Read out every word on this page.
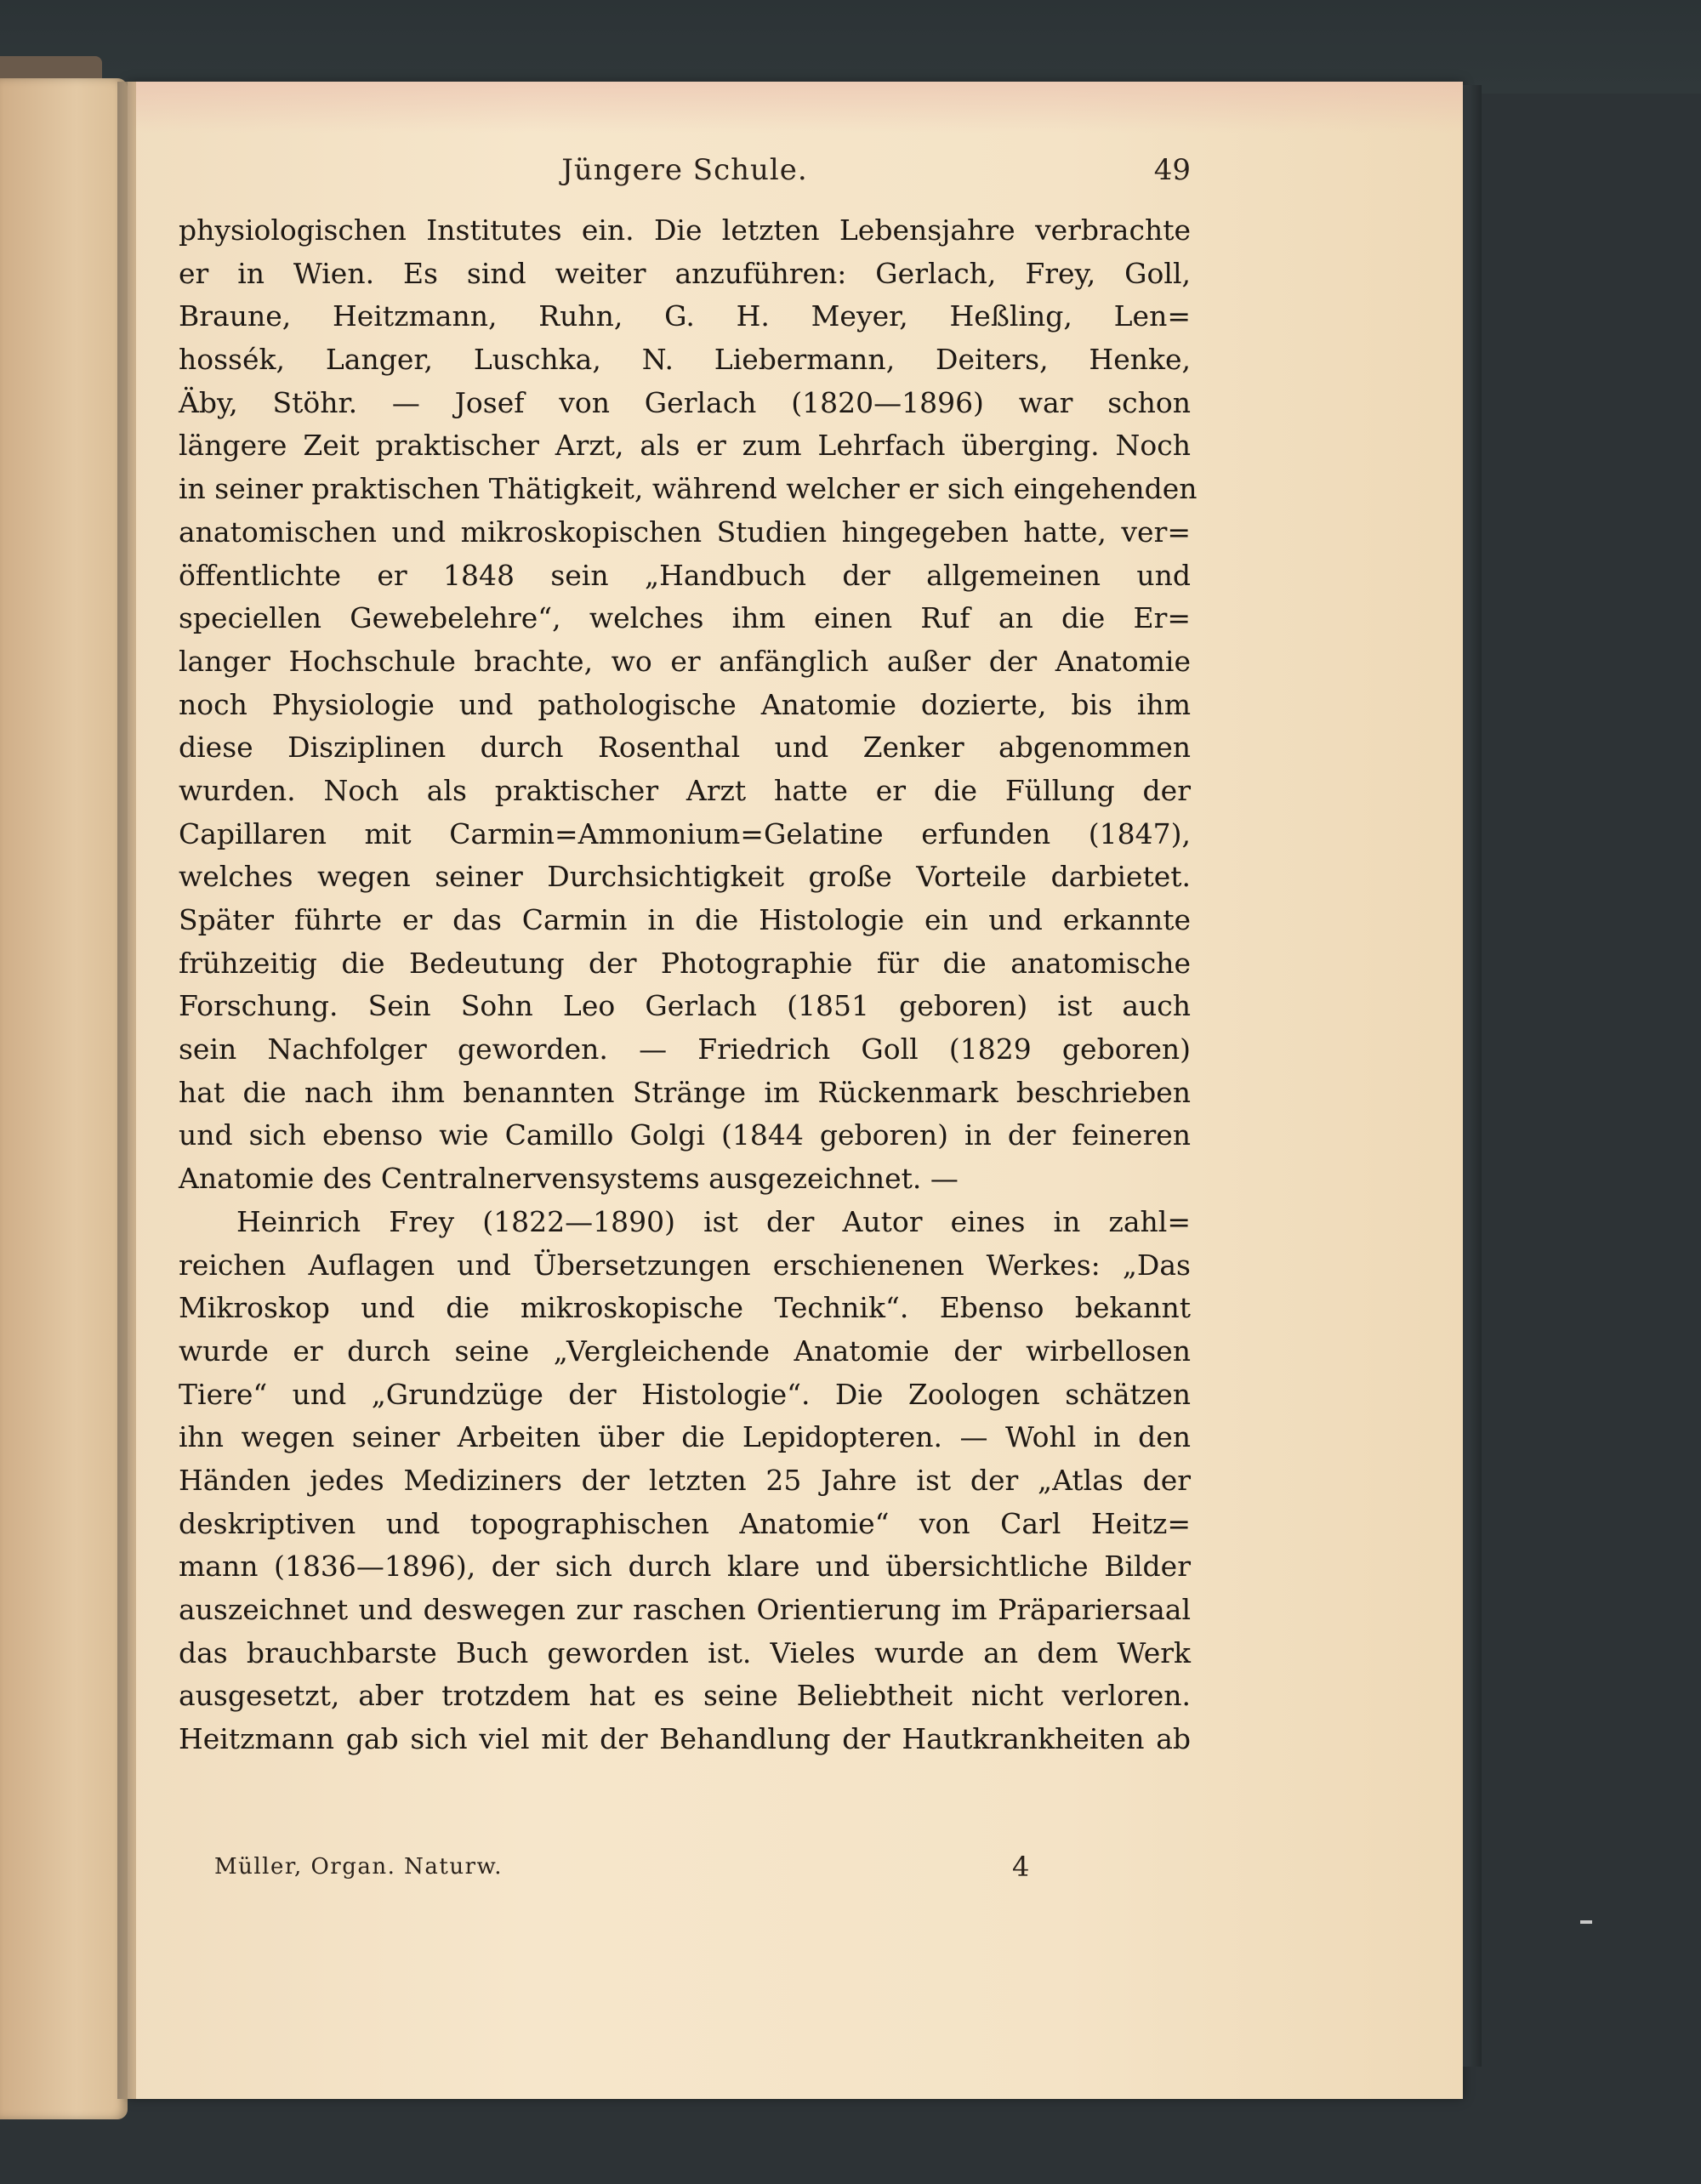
Jüngere Schule.	49
physiologischen Institutes ein. Die letzten Lebensjahre verbrachte
er in Wien. Es sind weiter anzuführen: Gerlach, Frey, Goll,
Braune, Heitzmann, Ruhn, G. H. Meyer, Heßling, Len=
hossék, Langer, Luschka, N. Liebermann, Deiters, Henke,
Äby, Stöhr. — Josef von Gerlach (1820—1896) war schon
längere Zeit praktischer Arzt, als er zum Lehrfach überging. Noch
in seiner praktischen Thätigkeit, während welcher er sich eingehenden
anatomischen und mikroskopischen Studien hingegeben hatte, ver=
öffentlichte er 1848 sein „Handbuch der allgemeinen und
speciellen Gewebelehre“, welches ihm einen Ruf an die Er=
langer Hochschule brachte, wo er anfänglich außer der Anatomie
noch Physiologie und pathologische Anatomie dozierte, bis ihm
diese Disziplinen durch Rosenthal und Zenker abgenommen
wurden. Noch als praktischer Arzt hatte er die Füllung der
Capillaren mit Carmin=Ammonium=Gelatine erfunden (1847),
welches wegen seiner Durchsichtigkeit große Vorteile darbietet.
Später führte er das Carmin in die Histologie ein und erkannte
frühzeitig die Bedeutung der Photographie für die anatomische
Forschung. Sein Sohn Leo Gerlach (1851 geboren) ist auch
sein Nachfolger geworden. — Friedrich Goll (1829 geboren)
hat die nach ihm benannten Stränge im Rückenmark beschrieben
und sich ebenso wie Camillo Golgi (1844 geboren) in der feineren
Anatomie des Centralnervensystems ausgezeichnet. —
Heinrich Frey (1822—1890) ist der Autor eines in zahl=
reichen Auflagen und Übersetzungen erschienenen Werkes: „Das
Mikroskop und die mikroskopische Technik“. Ebenso bekannt
wurde er durch seine „Vergleichende Anatomie der wirbellosen
Tiere“ und „Grundzüge der Histologie“. Die Zoologen schätzen
ihn wegen seiner Arbeiten über die Lepidopteren. — Wohl in den
Händen jedes Mediziners der letzten 25 Jahre ist der „Atlas der
deskriptiven und topographischen Anatomie“ von Carl Heitz=
mann (1836—1896), der sich durch klare und übersichtliche Bilder
auszeichnet und deswegen zur raschen Orientierung im Präpariersaal
das brauchbarste Buch geworden ist. Vieles wurde an dem Werk
ausgesetzt, aber trotzdem hat es seine Beliebtheit nicht verloren.
Heitzmann gab sich viel mit der Behandlung der Hautkrankheiten ab
Müller, Organ. Naturw.	4
